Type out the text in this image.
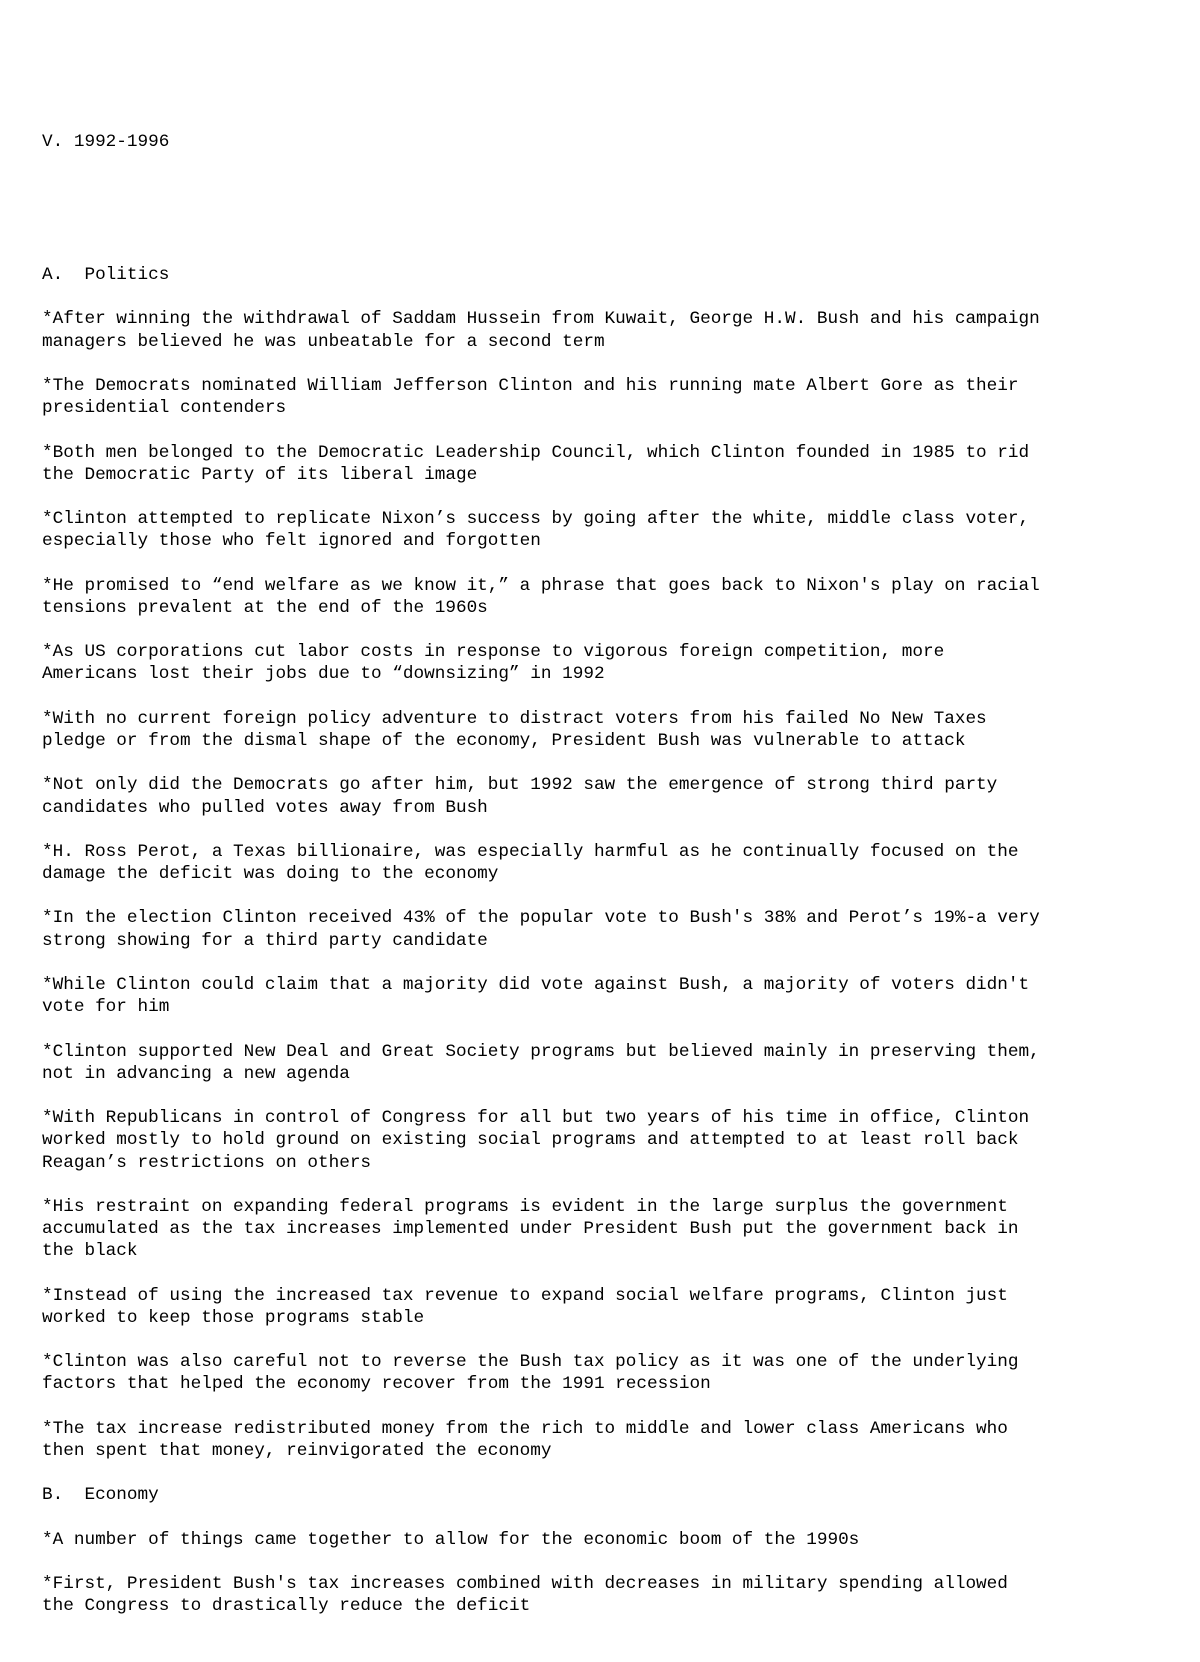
V. 1992-1996

A.  Politics
*After winning the withdrawal of Saddam Hussein from Kuwait, George H.W. Bush and his campaign
managers believed he was unbeatable for a second term
*The Democrats nominated William Jefferson Clinton and his running mate Albert Gore as their
presidential contenders
*Both men belonged to the Democratic Leadership Council, which Clinton founded in 1985 to rid
the Democratic Party of its liberal image
*Clinton attempted to replicate Nixon’s success by going after the white, middle class voter,
especially those who felt ignored and forgotten
*He promised to “end welfare as we know it,” a phrase that goes back to Nixon's play on racial
tensions prevalent at the end of the 1960s
*As US corporations cut labor costs in response to vigorous foreign competition, more
Americans lost their jobs due to “downsizing” in 1992
*With no current foreign policy adventure to distract voters from his failed No New Taxes
pledge or from the dismal shape of the economy, President Bush was vulnerable to attack
*Not only did the Democrats go after him, but 1992 saw the emergence of strong third party
candidates who pulled votes away from Bush
*H. Ross Perot, a Texas billionaire, was especially harmful as he continually focused on the
damage the deficit was doing to the economy
*In the election Clinton received 43% of the popular vote to Bush's 38% and Perot’s 19%-a very
strong showing for a third party candidate
*While Clinton could claim that a majority did vote against Bush, a majority of voters didn't
vote for him
*Clinton supported New Deal and Great Society programs but believed mainly in preserving them,
not in advancing a new agenda
*With Republicans in control of Congress for all but two years of his time in office, Clinton
worked mostly to hold ground on existing social programs and attempted to at least roll back
Reagan’s restrictions on others
*His restraint on expanding federal programs is evident in the large surplus the government
accumulated as the tax increases implemented under President Bush put the government back in
the black
*Instead of using the increased tax revenue to expand social welfare programs, Clinton just
worked to keep those programs stable
*Clinton was also careful not to reverse the Bush tax policy as it was one of the underlying
factors that helped the economy recover from the 1991 recession
*The tax increase redistributed money from the rich to middle and lower class Americans who
then spent that money, reinvigorated the economy
B.  Economy
*A number of things came together to allow for the economic boom of the 1990s
*First, President Bush's tax increases combined with decreases in military spending allowed
the Congress to drastically reduce the deficit
